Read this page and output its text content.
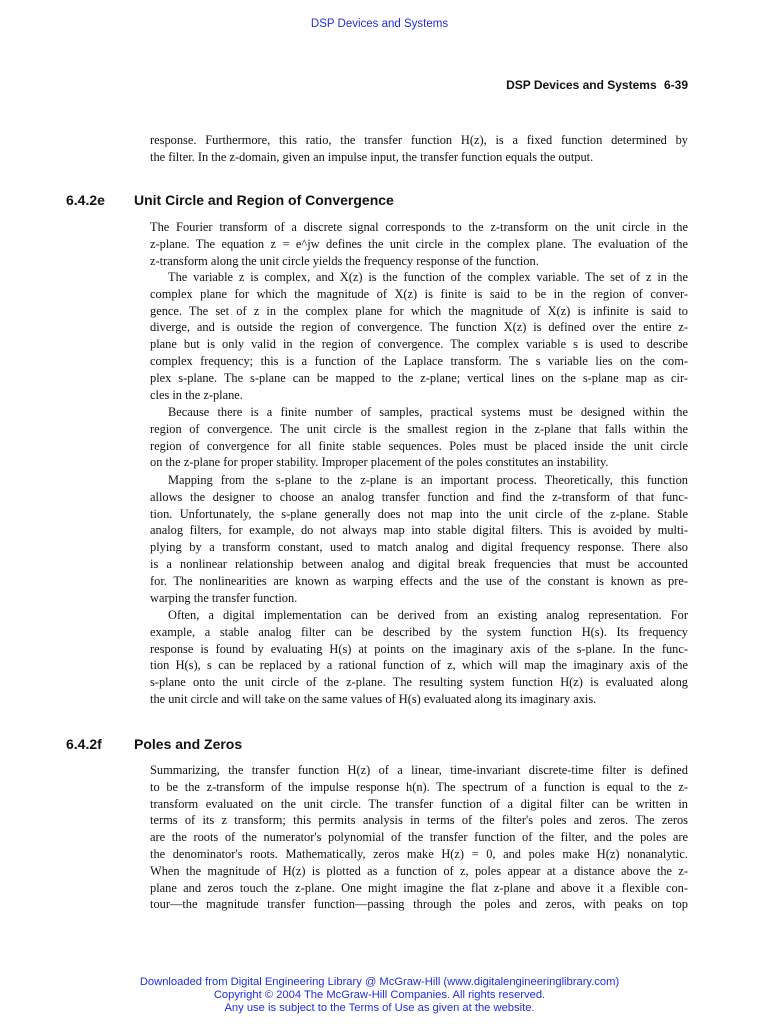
DSP Devices and Systems
DSP Devices and Systems 6-39
response. Furthermore, this ratio, the transfer function H(z), is a fixed function determined by
the filter. In the z-domain, given an impulse input, the transfer function equals the output.
6.4.2e Unit Circle and Region of Convergence
The Fourier transform of a discrete signal corresponds to the z-transform on the unit circle in the
z-plane. The equation z = e^jw defines the unit circle in the complex plane. The evaluation of the
z-transform along the unit circle yields the frequency response of the function.
The variable z is complex, and X(z) is the function of the complex variable. The set of z in the
complex plane for which the magnitude of X(z) is finite is said to be in the region of conver-
gence. The set of z in the complex plane for which the magnitude of X(z) is infinite is said to
diverge, and is outside the region of convergence. The function X(z) is defined over the entire z-
plane but is only valid in the region of convergence. The complex variable s is used to describe
complex frequency; this is a function of the Laplace transform. The s variable lies on the com-
plex s-plane. The s-plane can be mapped to the z-plane; vertical lines on the s-plane map as cir-
cles in the z-plane.
Because there is a finite number of samples, practical systems must be designed within the
region of convergence. The unit circle is the smallest region in the z-plane that falls within the
region of convergence for all finite stable sequences. Poles must be placed inside the unit circle
on the z-plane for proper stability. Improper placement of the poles constitutes an instability.
Mapping from the s-plane to the z-plane is an important process. Theoretically, this function
allows the designer to choose an analog transfer function and find the z-transform of that func-
tion. Unfortunately, the s-plane generally does not map into the unit circle of the z-plane. Stable
analog filters, for example, do not always map into stable digital filters. This is avoided by multi-
plying by a transform constant, used to match analog and digital frequency response. There also
is a nonlinear relationship between analog and digital break frequencies that must be accounted
for. The nonlinearities are known as warping effects and the use of the constant is known as pre-
warping the transfer function.
Often, a digital implementation can be derived from an existing analog representation. For
example, a stable analog filter can be described by the system function H(s). Its frequency
response is found by evaluating H(s) at points on the imaginary axis of the s-plane. In the func-
tion H(s), s can be replaced by a rational function of z, which will map the imaginary axis of the
s-plane onto the unit circle of the z-plane. The resulting system function H(z) is evaluated along
the unit circle and will take on the same values of H(s) evaluated along its imaginary axis.
6.4.2f Poles and Zeros
Summarizing, the transfer function H(z) of a linear, time-invariant discrete-time filter is defined
to be the z-transform of the impulse response h(n). The spectrum of a function is equal to the z-
transform evaluated on the unit circle. The transfer function of a digital filter can be written in
terms of its z transform; this permits analysis in terms of the filter's poles and zeros. The zeros
are the roots of the numerator's polynomial of the transfer function of the filter, and the poles are
the denominator's roots. Mathematically, zeros make H(z) = 0, and poles make H(z) nonanalytic.
When the magnitude of H(z) is plotted as a function of z, poles appear at a distance above the z-
plane and zeros touch the z-plane. One might imagine the flat z-plane and above it a flexible con-
tour—the magnitude transfer function—passing through the poles and zeros, with peaks on top
Downloaded from Digital Engineering Library @ McGraw-Hill (www.digitalengineeringlibrary.com)
Copyright © 2004 The McGraw-Hill Companies. All rights reserved.
Any use is subject to the Terms of Use as given at the website.
